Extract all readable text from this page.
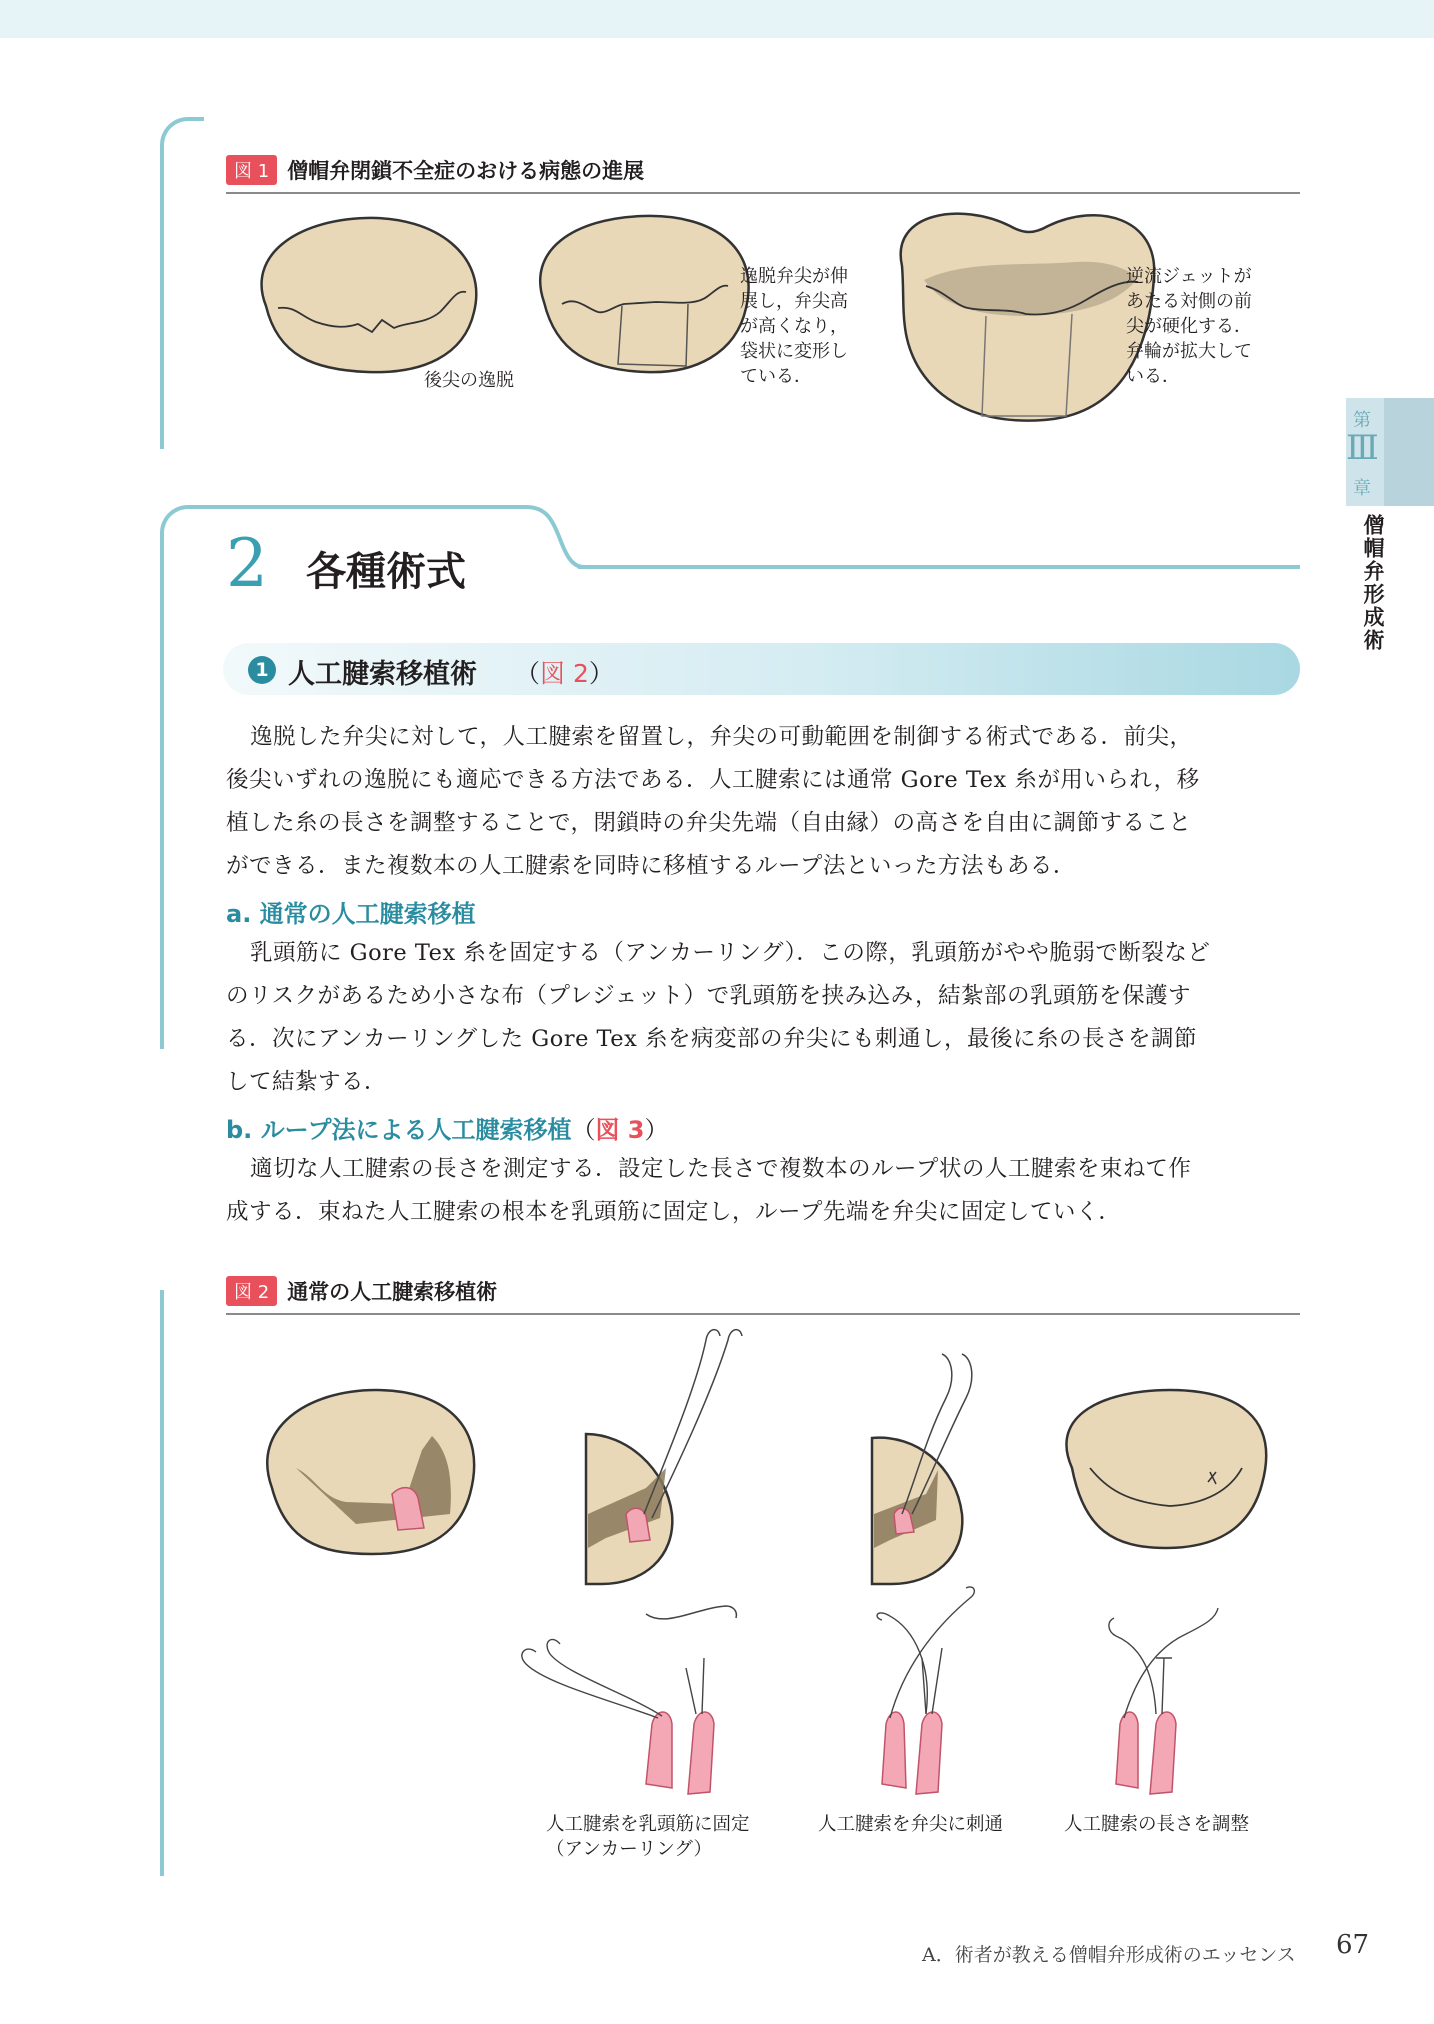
第
Ⅲ
章
僧帽弁形成術
図 1 僧帽弁閉鎖不全症のおける病態の進展
後尖の逸脱
逸脱弁尖が伸
展し，弁尖高
が高くなり，
袋状に変形し
ている．
逆流ジェットが
あたる対側の前
尖が硬化する．
弁輪が拡大して
いる．
2 各種術式
1 人工腱索移植術 （図 2）
逸脱した弁尖に対して，人工腱索を留置し，弁尖の可動範囲を制御する術式である．前尖，
後尖いずれの逸脱にも適応できる方法である．人工腱索には通常 Gore Tex 糸が用いられ，移
植した糸の長さを調整することで，閉鎖時の弁尖先端（自由縁）の高さを自由に調節すること
ができる．また複数本の人工腱索を同時に移植するループ法といった方法もある．
a. 通常の人工腱索移植
乳頭筋に Gore Tex 糸を固定する（アンカーリング）．この際，乳頭筋がやや脆弱で断裂など
のリスクがあるため小さな布（プレジェット）で乳頭筋を挟み込み，結紮部の乳頭筋を保護す
る．次にアンカーリングした Gore Tex 糸を病変部の弁尖にも刺通し，最後に糸の長さを調節
して結紮する．
b. ループ法による人工腱索移植（図 3）
適切な人工腱索の長さを測定する．設定した長さで複数本のループ状の人工腱索を束ねて作
成する．束ねた人工腱索の根本を乳頭筋に固定し，ループ先端を弁尖に固定していく．
図 2 通常の人工腱索移植術
人工腱索を乳頭筋に固定
（アンカーリング）
人工腱索を弁尖に刺通	人工腱索の長さを調整
A．術者が教える僧帽弁形成術のエッセンス 67
